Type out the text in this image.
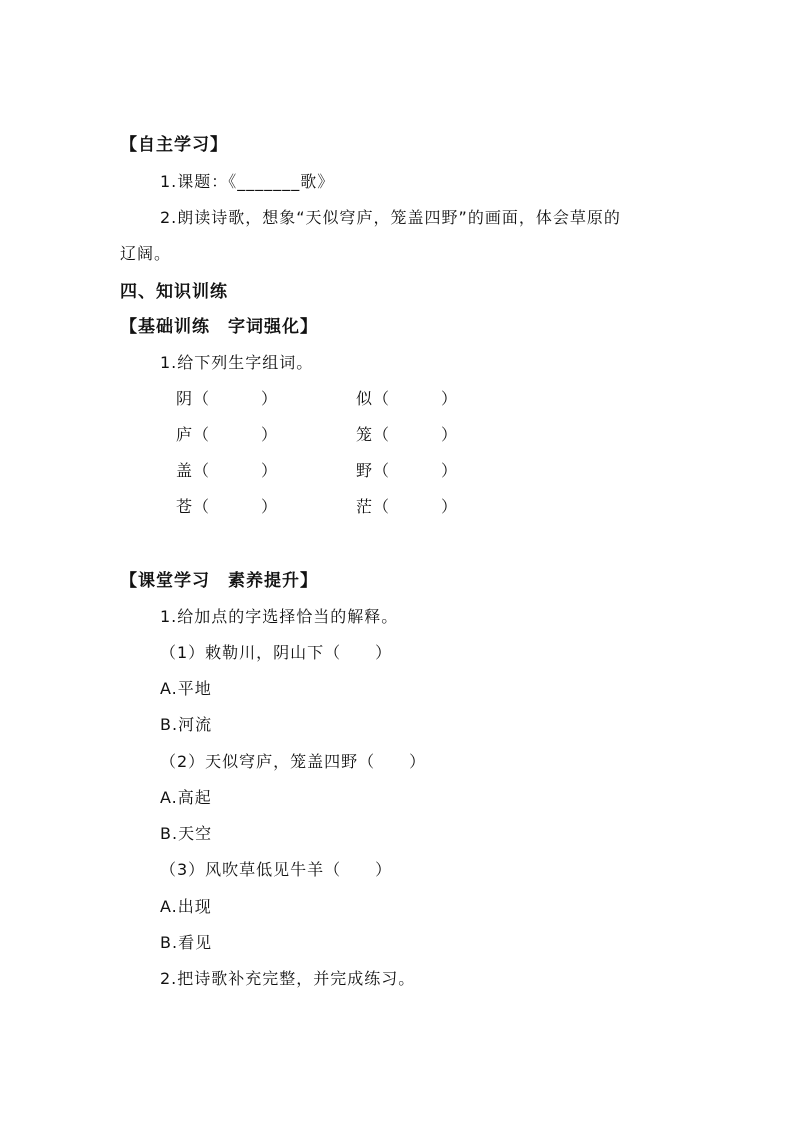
【自主学习】
1.课题：《_______歌》
2.朗读诗歌，想象“天似穹庐，笼盖四野”的画面，体会草原的
辽阔。
四、知识训练
【基础训练　字词强化】
1.给下列生字组词。
阴（　　　）	似（　　　）
庐（　　　）	笼（　　　）
盖（　　　）	野（　　　）
苍（　　　）	茫（　　　）
【课堂学习　素养提升】
1.给加点的字选择恰当的解释。
（1）敕勒川，阴山下（　　）
A.平地
B.河流
（2）天似穹庐，笼盖四野（　　）
A.高起
B.天空
（3）风吹草低见牛羊（　　）
A.出现
B.看见
2.把诗歌补充完整，并完成练习。
